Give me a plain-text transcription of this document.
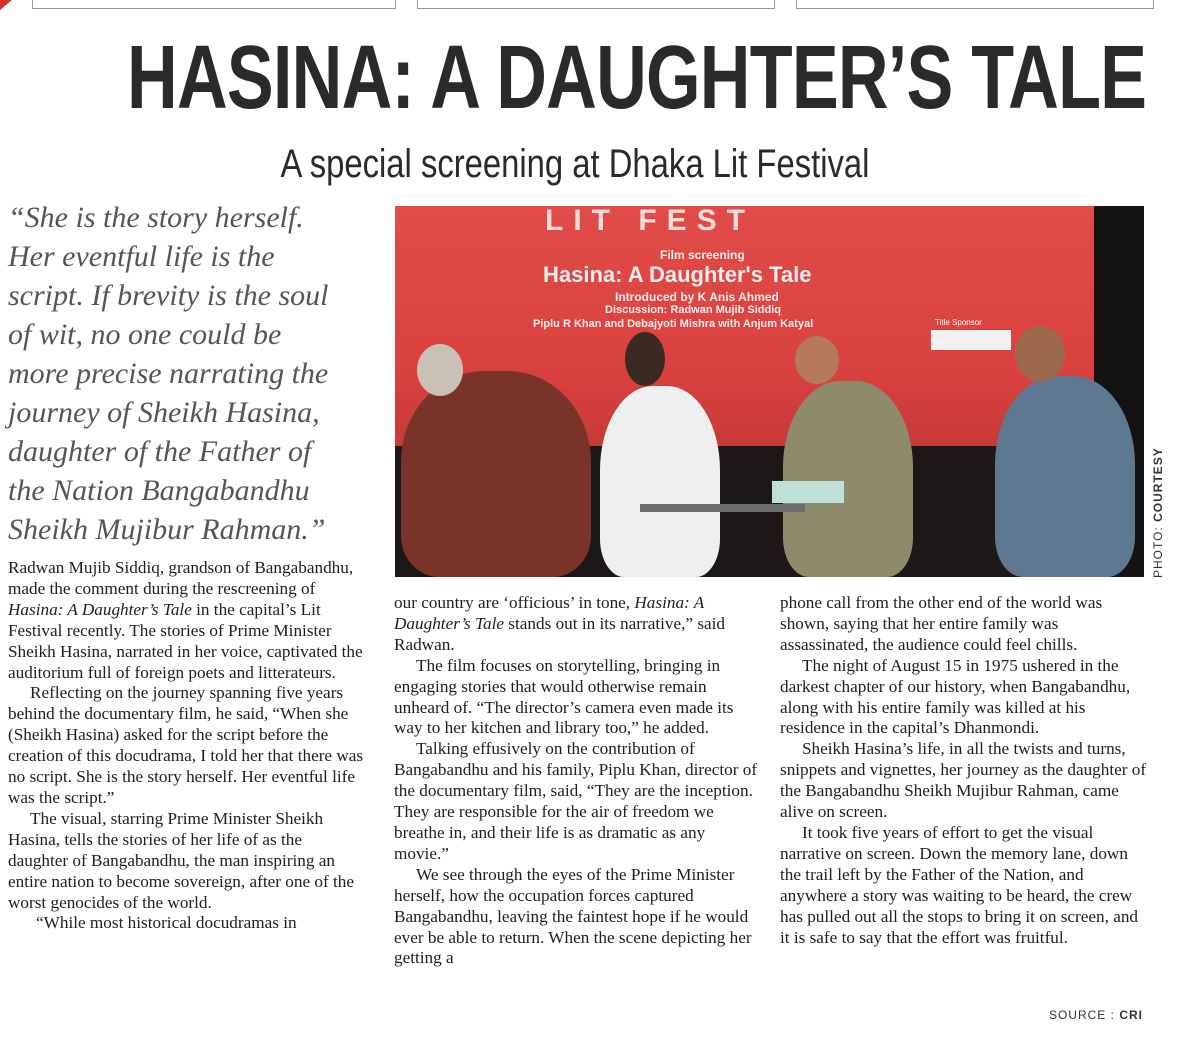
HASINA: A DAUGHTER’S TALE
A special screening at Dhaka Lit Festival
“She is the story herself.
Her eventful life is the
script. If brevity is the soul
of wit, no one could be
more precise narrating the
journey of Sheikh Hasina,
daughter of the Father of
the Nation Bangabandhu
Sheikh Mujibur Rahman.”
LIT FEST
Film screening
Hasina: A Daughter's Tale
Introduced by K Anis Ahmed
Discussion: Radwan Mujib Siddiq
Piplu R Khan and Debajyoti Mishra with Anjum Katyal	Title Sponsor
PHOTO: COURTESY

Radwan Mujib Siddiq, grandson of Bangabandhu, made the comment during the rescreening of Hasina: A Daughter’s Tale in the capital’s Lit Festival recently. The stories of Prime Minister Sheikh Hasina, narrated in her voice, captivated the auditorium full of foreign poets and litterateurs.

Reflecting on the journey spanning five years behind the documentary film, he said, “When she (Sheikh Hasina) asked for the script before the creation of this docudrama, I told her that there was no script. She is the story herself. Her eventful life was the script.”

The visual, starring Prime Minister Sheikh Hasina, tells the stories of her life of as the daughter of Bangabandhu, the man inspiring an entire nation to become sovereign, after one of the worst genocides of the world.

“While most historical docudramas in

our country are ‘officious’ in tone, Hasina: A Daughter’s Tale stands out in its narrative,” said Radwan.

The film focuses on storytelling, bringing in engaging stories that would otherwise remain unheard of. “The director’s camera even made its way to her kitchen and library too,” he added.

Talking effusively on the contribution of Bangabandhu and his family, Piplu Khan, director of the documentary film, said, “They are the inception. They are responsible for the air of freedom we breathe in, and their life is as dramatic as any movie.”

We see through the eyes of the Prime Minister herself, how the occupation forces captured Bangabandhu, leaving the faintest hope if he would ever be able to return. When the scene depicting her getting a

phone call from the other end of the world was shown, saying that her entire family was assassinated, the audience could feel chills.

The night of August 15 in 1975 ushered in the darkest chapter of our history, when Bangabandhu, along with his entire family was killed at his residence in the capital’s Dhanmondi.

Sheikh Hasina’s life, in all the twists and turns, snippets and vignettes, her journey as the daughter of the Bangabandhu Sheikh Mujibur Rahman, came alive on screen.

It took five years of effort to get the visual narrative on screen. Down the memory lane, down the trail left by the Father of the Nation, and anywhere a story was waiting to be heard, the crew has pulled out all the stops to bring it on screen, and it is safe to say that the effort was fruitful.

SOURCE : CRI
